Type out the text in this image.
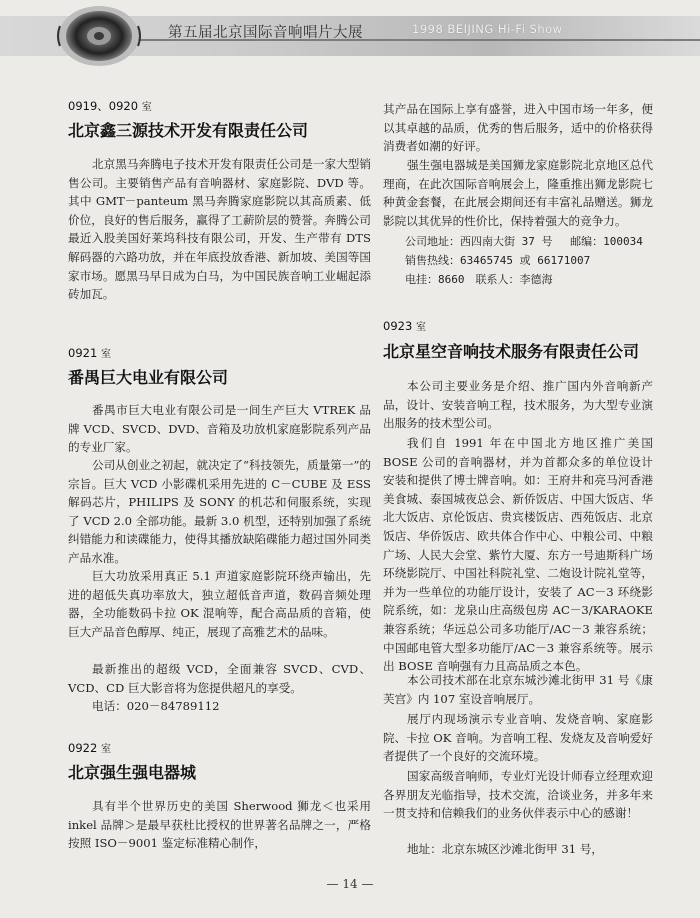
第五届北京国际音响唱片大展	1998 BEIJING Hi-Fi Show
0919、0920 室
北京鑫三源技术开发有限责任公司

北京黑马奔腾电子技术开发有限责任公司是一家大型销售公司。主要销售产品有音响器材、家庭影院、DVD 等。其中 GMT－panteum 黑马奔腾家庭影院以其高质素、低价位，良好的售后服务，赢得了工薪阶层的赞誉。奔腾公司最近入股美国好莱坞科技有限公司，开发、生产带有 DTS 解码器的六路功放，并在年底投放香港、新加坡、美国等国家市场。愿黑马早日成为白马，为中国民族音响工业崛起添砖加瓦。

0921 室
番禺巨大电业有限公司

番禺市巨大电业有限公司是一间生产巨大 VTREK 品牌 VCD、SVCD、DVD、音箱及功放机家庭影院系列产品的专业厂家。

公司从创业之初起，就决定了“科技领先，质量第一”的宗旨。巨大 VCD 小影碟机采用先进的 C－CUBE 及 ESS 解码芯片，PHILIPS 及 SONY 的机芯和伺服系统，实现了 VCD 2.0 全部功能。最新 3.0 机型，还特别加强了系统纠错能力和读碟能力，使得其播放缺陷碟能力超过国外同类产品水准。

巨大功放采用真正 5.1 声道家庭影院环绕声输出，先进的超低失真功率放大，独立超低音声道，数码音频处理器，全功能数码卡拉 OK 混响等，配合高品质的音箱，使巨大产品音色醇厚、纯正，展现了高雅艺术的品味。

最新推出的超级 VCD，全面兼容 SVCD、CVD、VCD、CD 巨大影音将为您提供超凡的享受。

电话：020－84789112

0922 室
北京强生强电器城

具有半个世界历史的美国 Sherwood 狮龙＜也采用 inkel 品牌＞是最早获杜比授权的世界著名品牌之一，严格按照 ISO－9001 鉴定标准精心制作，

其产品在国际上享有盛誉，进入中国市场一年多，便以其卓越的品质，优秀的售后服务，适中的价格获得消费者如潮的好评。

强生强电器城是美国狮龙家庭影院北京地区总代理商，在此次国际音响展会上，隆重推出狮龙影院七种黄金套餐，在此展会期间还有丰富礼品赠送。狮龙影院以其优异的性价比，保持着强大的竞争力。

公司地址：西四南大街 37 号　 邮编：100034

销售热线：63465745 或 66171007

电挂：8660　联系人：李德海

0923 室
北京星空音响技术服务有限责任公司

本公司主要业务是介绍、推广国内外音响新产品，设计、安装音响工程，技术服务，为大型专业演出服务的技术型公司。

我们自 1991 年在中国北方地区推广美国 BOSE 公司的音响器材，并为首都众多的单位设计安装和提供了博士牌音响。如：王府井和亮马河香港美食城、泰国城夜总会、新侨饭店、中国大饭店、华北大饭店、京伦饭店、贵宾楼饭店、西苑饭店、北京饭店、华侨饭店、欧共体合作中心、中粮公司、中粮广场、人民大会堂、紫竹大厦、东方一号迪斯科广场环绕影院厅、中国社科院礼堂、二炮设计院礼堂等，并为一些单位的功能厅设计，安装了 AC－3 环绕影院系统，如：龙泉山庄高级包房 AC－3/KARAOKE 兼容系统；华远总公司多功能厅/AC－3 兼容系统；中国邮电管大型多功能厅/AC－3 兼容系统等。展示出 BOSE 音响强有力且高品质之本色。

本公司技术部在北京东城沙滩北街甲 31 号《康芙宫》内 107 室设音响展厅。

展厅内现场演示专业音响、发烧音响、家庭影院、卡拉 OK 音响。为音响工程、发烧友及音响爱好者提供了一个良好的交流环境。

国家高级音响师，专业灯光设计师春立经理欢迎各界朋友光临指导，技术交流，洽谈业务，并多年来一贯支持和信赖我们的业务伙伴表示中心的感谢！

地址：北京东城区沙滩北街甲 31 号，

— 14 —
